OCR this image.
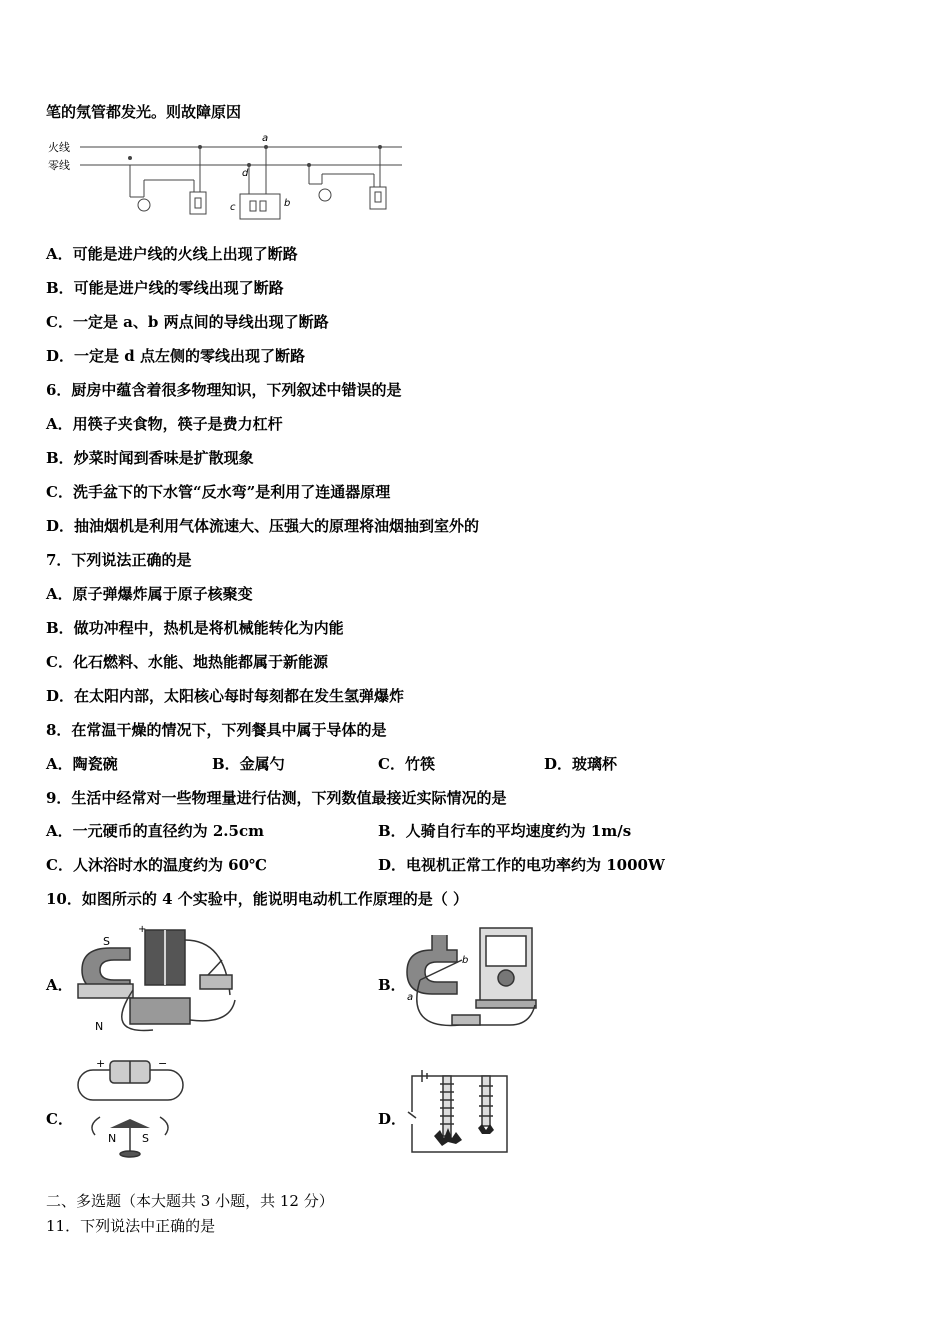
笔的氖管都发光。则故障原因
火线
零线
a
b
c
d
A．可能是进户线的火线上出现了断路
B．可能是进户线的零线出现了断路
C．一定是 a、b 两点间的导线出现了断路
D．一定是 d 点左侧的零线出现了断路
6．厨房中蕴含着很多物理知识，下列叙述中错误的是
A．用筷子夹食物，筷子是费力杠杆
B．炒菜时闻到香味是扩散现象
C．洗手盆下的下水管“反水弯”是利用了连通器原理
D．抽油烟机是利用气体流速大、压强大的原理将油烟抽到室外的
7．下列说法正确的是
A．原子弹爆炸属于原子核聚变
B．做功冲程中，热机是将机械能转化为内能
C．化石燃料、水能、地热能都属于新能源
D．在太阳内部，太阳核心每时每刻都在发生氢弹爆炸
8．在常温干燥的情况下，下列餐具中属于导体的是
A．陶瓷碗	B．金属勺	C．竹筷	D．玻璃杯
9．生活中经常对一些物理量进行估测，下列数值最接近实际情况的是
A．一元硬币的直径约为 2.5cm	B．人骑自行车的平均速度约为 1m/s
C．人沐浴时水的温度约为 60℃	D．电视机正常工作的电功率约为 1000W
10．如图所示的 4 个实验中，能说明电动机工作原理的是（ ）
A．
S
N
+
B．
a
b
C．
+	−
N S
D．
二、多选题（本大题共 3 小题，共 12 分）
11．下列说法中正确的是
